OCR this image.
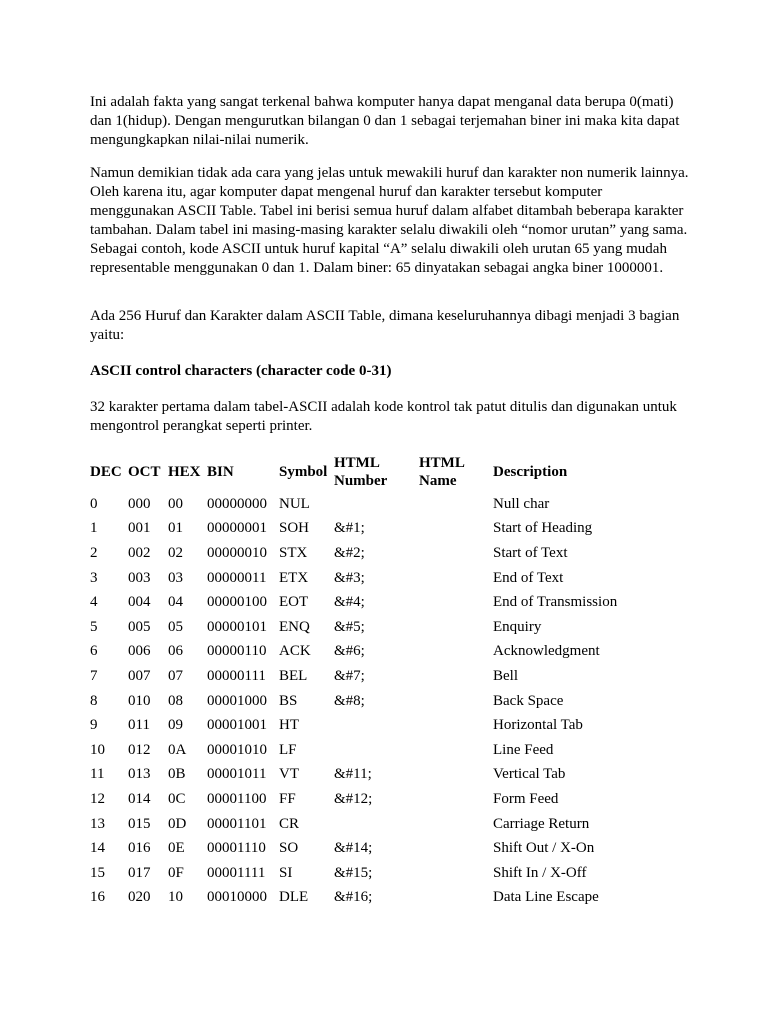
Ini adalah fakta yang sangat terkenal bahwa komputer hanya dapat menganal data berupa 0(mati) dan 1(hidup). Dengan mengurutkan bilangan 0 dan 1 sebagai terjemahan biner ini maka kita dapat mengungkapkan nilai-nilai numerik.

Namun demikian tidak ada cara yang jelas untuk mewakili huruf dan karakter non numerik lainnya. Oleh karena itu, agar komputer dapat mengenal huruf dan karakter tersebut komputer menggunakan ASCII Table. Tabel ini berisi semua huruf dalam alfabet ditambah beberapa karakter tambahan. Dalam tabel ini masing-masing karakter selalu diwakili oleh “nomor urutan” yang sama. Sebagai contoh, kode ASCII untuk huruf kapital “A” selalu diwakili oleh urutan 65 yang mudah representable menggunakan 0 dan 1. Dalam biner: 65 dinyatakan sebagai angka biner 1000001.

Ada 256 Huruf dan Karakter dalam ASCII Table, dimana keseluruhannya dibagi menjadi 3 bagian yaitu:

ASCII control characters (character code 0-31)

32 karakter pertama dalam tabel-ASCII adalah kode kontrol tak patut ditulis dan digunakan untuk mengontrol perangkat seperti printer.

DEC	OCT	HEX	BIN	Symbol	HTML Number	HTML Name	Description
0	000	00	00000000	NUL			Null char
1	001	01	00000001	SOH	&#1;		Start of Heading
2	002	02	00000010	STX	&#2;		Start of Text
3	003	03	00000011	ETX	&#3;		End of Text
4	004	04	00000100	EOT	&#4;		End of Transmission
5	005	05	00000101	ENQ	&#5;		Enquiry
6	006	06	00000110	ACK	&#6;		Acknowledgment
7	007	07	00000111	BEL	&#7;		Bell
8	010	08	00001000	BS	&#8;		Back Space
9	011	09	00001001	HT			Horizontal Tab
10	012	0A	00001010	LF			Line Feed
11	013	0B	00001011	VT	&#11;		Vertical Tab
12	014	0C	00001100	FF	&#12;		Form Feed
13	015	0D	00001101	CR			Carriage Return
14	016	0E	00001110	SO	&#14;		Shift Out / X-On
15	017	0F	00001111	SI	&#15;		Shift In / X-Off
16	020	10	00010000	DLE	&#16;		Data Line Escape
